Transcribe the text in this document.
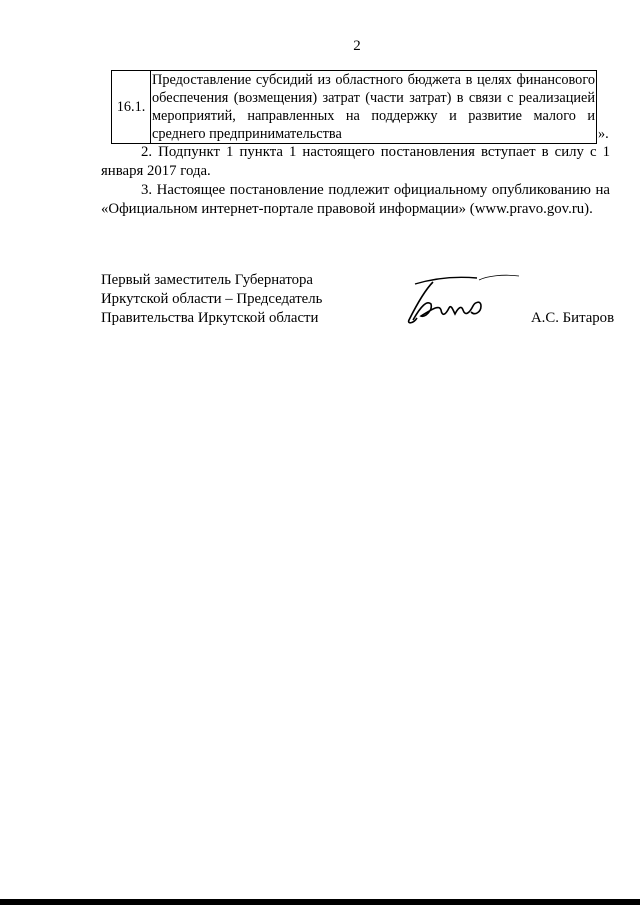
2
16.1.	Предоставление субсидий из областного бюджета в целях финансового обеспечения (возмещения) затрат (части затрат) в связи с реализацией мероприятий, направленных на поддержку и развитие малого и среднего предпринимательства	».
2. Подпункт 1 пункта 1 настоящего постановления вступает в силу с 1 января 2017 года.
3. Настоящее постановление подлежит официальному опубликованию на «Официальном интернет-портале правовой информации» (www.pravo.gov.ru).
Первый заместитель Губернатора
Иркутской области – Председатель
Правительства Иркутской области	А.С. Битаров
